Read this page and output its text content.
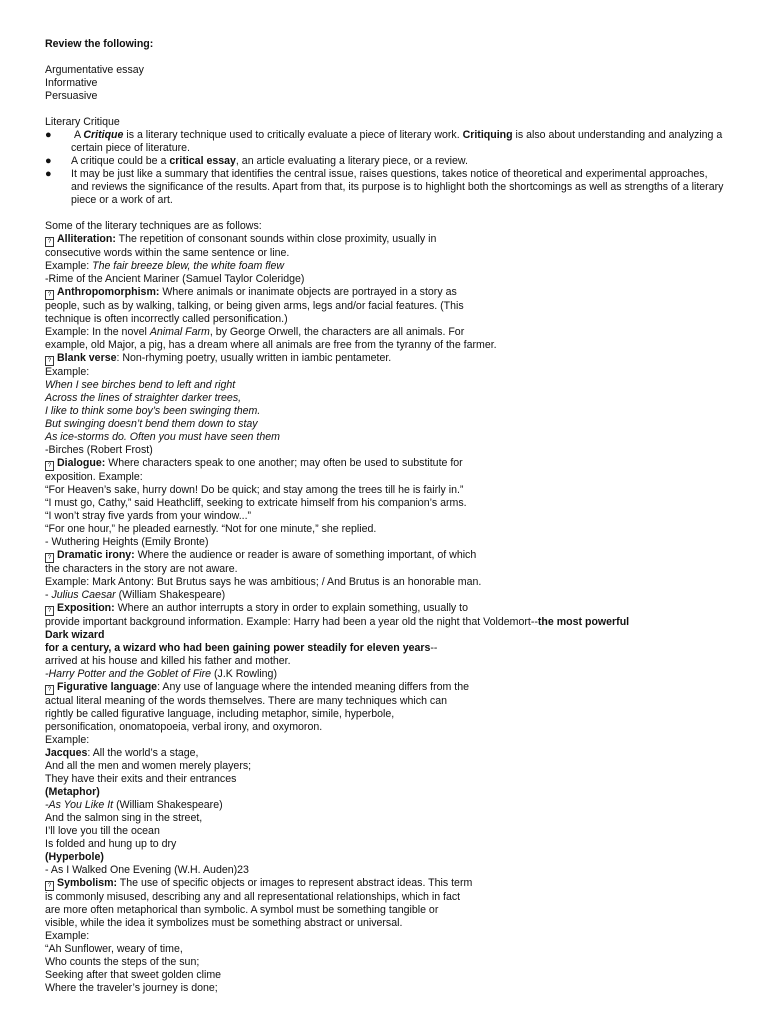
Review the following:
Argumentative essay
Informative
Persuasive
Literary Critique
● A Critique is a literary technique used to critically evaluate a piece of literary work. Critiquing is also about understanding and analyzing a certain piece of literature.
● A critique could be a critical essay, an article evaluating a literary piece, or a review.
● It may be just like a summary that identifies the central issue, raises questions, takes notice of theoretical and experimental approaches, and reviews the significance of the results. Apart from that, its purpose is to highlight both the shortcomings as well as strengths of a literary piece or a work of art.
Some of the literary techniques are as follows:
? Alliteration: The repetition of consonant sounds within close proximity, usually in
consecutive words within the same sentence or line.
Example: The fair breeze blew, the white foam flew
-Rime of the Ancient Mariner (Samuel Taylor Coleridge)
? Anthropomorphism: Where animals or inanimate objects are portrayed in a story as
people, such as by walking, talking, or being given arms, legs and/or facial features. (This
technique is often incorrectly called personification.)
Example: In the novel Animal Farm, by George Orwell, the characters are all animals. For
example, old Major, a pig, has a dream where all animals are free from the tyranny of the farmer.
? Blank verse: Non-rhyming poetry, usually written in iambic pentameter.
Example:
When I see birches bend to left and right
Across the lines of straighter darker trees,
I like to think some boy’s been swinging them.
But swinging doesn’t bend them down to stay
As ice-storms do. Often you must have seen them
-Birches (Robert Frost)
? Dialogue: Where characters speak to one another; may often be used to substitute for
exposition. Example:
“For Heaven’s sake, hurry down! Do be quick; and stay among the trees till he is fairly in.”
“I must go, Cathy,” said Heathcliff, seeking to extricate himself from his companion’s arms.
“I won’t stray five yards from your window...”
“For one hour,” he pleaded earnestly. “Not for one minute,” she replied.
- Wuthering Heights (Emily Bronte)
? Dramatic irony: Where the audience or reader is aware of something important, of which
the characters in the story are not aware.
Example: Mark Antony: But Brutus says he was ambitious; / And Brutus is an honorable man.
- Julius Caesar (William Shakespeare)
? Exposition: Where an author interrupts a story in order to explain something, usually to
provide important background information. Example: Harry had been a year old the night that Voldemort--the most powerful
Dark wizard
for a century, a wizard who had been gaining power steadily for eleven years--
arrived at his house and killed his father and mother.
-Harry Potter and the Goblet of Fire (J.K Rowling)
? Figurative language: Any use of language where the intended meaning differs from the
actual literal meaning of the words themselves. There are many techniques which can
rightly be called figurative language, including metaphor, simile, hyperbole,
personification, onomatopoeia, verbal irony, and oxymoron.
Example:
Jacques: All the world’s a stage,
And all the men and women merely players;
They have their exits and their entrances
(Metaphor)
-As You Like It (William Shakespeare)
And the salmon sing in the street,
I’ll love you till the ocean
Is folded and hung up to dry
(Hyperbole)
- As I Walked One Evening (W.H. Auden)23
? Symbolism: The use of specific objects or images to represent abstract ideas. This term
is commonly misused, describing any and all representational relationships, which in fact
are more often metaphorical than symbolic. A symbol must be something tangible or
visible, while the idea it symbolizes must be something abstract or universal.
Example:
“Ah Sunflower, weary of time,
Who counts the steps of the sun;
Seeking after that sweet golden clime
Where the traveler’s journey is done;
